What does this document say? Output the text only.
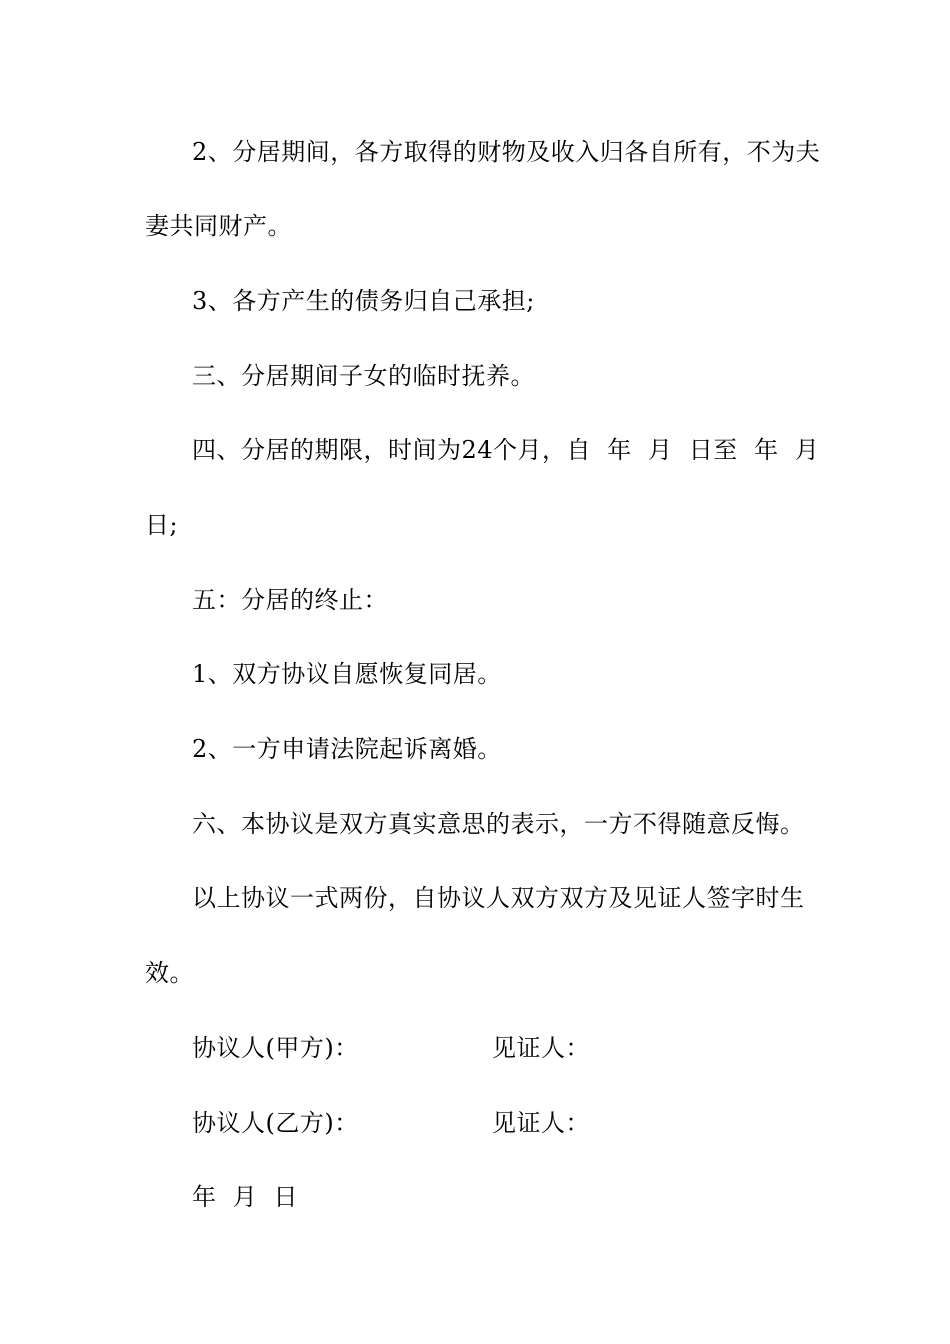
2、分居期间，各方取得的财物及收入归各自所有，不为夫
妻共同财产。
3、各方产生的债务归自己承担;
三、分居期间子女的临时抚养。
四、分居的期限，时间为24个月，自  年  月  日至  年  月
日;
五：分居的终止：
1、双方协议自愿恢复同居。
2、一方申请法院起诉离婚。
六、本协议是双方真实意思的表示，一方不得随意反悔。
以上协议一式两份，自协议人双方双方及见证人签字时生
效。
协议人(甲方)：	见证人：
协议人(乙方)：	见证人：
年  月  日
